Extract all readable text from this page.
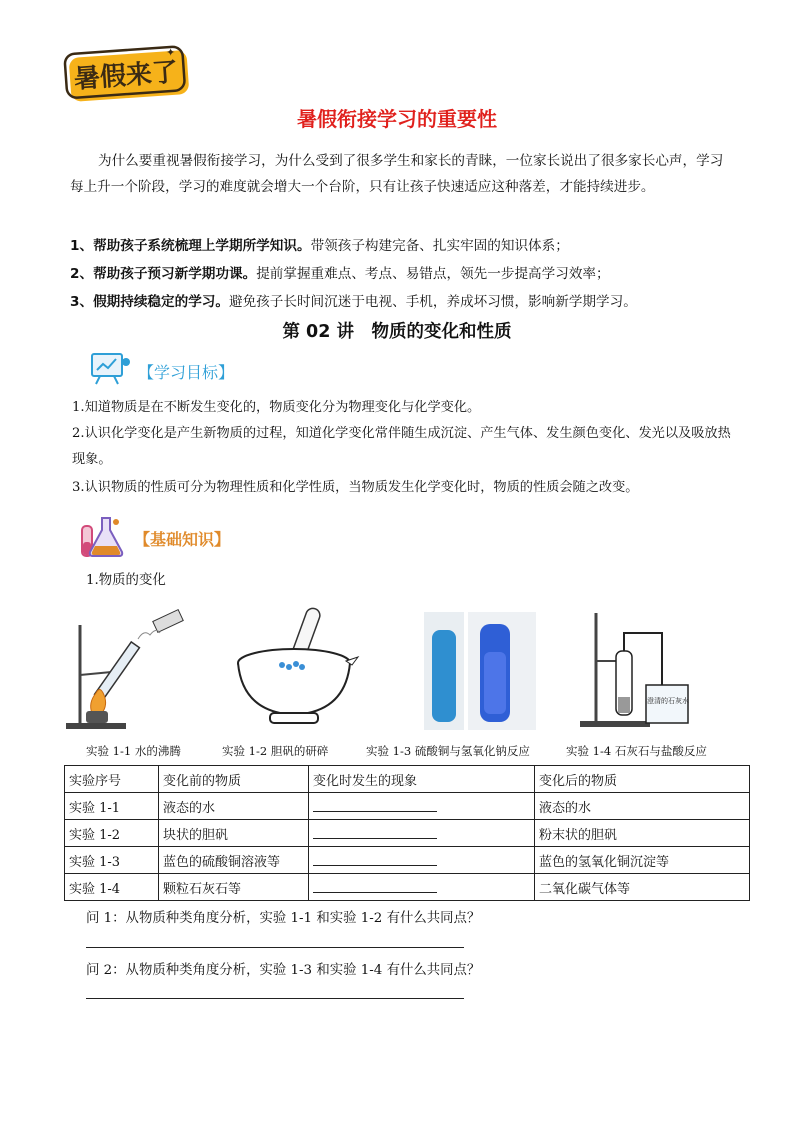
暑假来了
✦
暑假衔接学习的重要性
为什么要重视暑假衔接学习，为什么受到了很多学生和家长的青睐，一位家长说出了很多家长心声，学习每上升一个阶段，学习的难度就会增大一个台阶，只有让孩子快速适应这种落差，才能持续进步。
1、帮助孩子系统梳理上学期所学知识。带领孩子构建完备、扎实牢固的知识体系；
2、帮助孩子预习新学期功课。提前掌握重难点、考点、易错点，领先一步提高学习效率；
3、假期持续稳定的学习。避免孩子长时间沉迷于电视、手机，养成坏习惯，影响新学期学习。
第 02 讲　物质的变化和性质
【学习目标】
1.知道物质是在不断发生变化的，物质变化分为物理变化与化学变化。
2.认识化学变化是产生新物质的过程，知道化学变化常伴随生成沉淀、产生气体、发生颜色变化、发光以及吸放热现象。
3.认识物质的性质可分为物理性质和化学性质，当物质发生化学变化时，物质的性质会随之改变。
【基础知识】
1.物质的变化
实验 1-1 水的沸腾	实验 1-2 胆矾的研碎	实验 1-3 硫酸铜与氢氧化钠反应
澄清的石灰水
实验 1-4 石灰石与盐酸反应
实验序号	变化前的物质	变化时发生的现象	变化后的物质
实验 1-1	液态的水		液态的水
实验 1-2	块状的胆矾		粉末状的胆矾
实验 1-3	蓝色的硫酸铜溶液等		蓝色的氢氧化铜沉淀等
实验 1-4	颗粒石灰石等		二氧化碳气体等
问 1：从物质种类角度分析，实验 1-1 和实验 1-2 有什么共同点？
问 2：从物质种类角度分析，实验 1-3 和实验 1-4 有什么共同点？
